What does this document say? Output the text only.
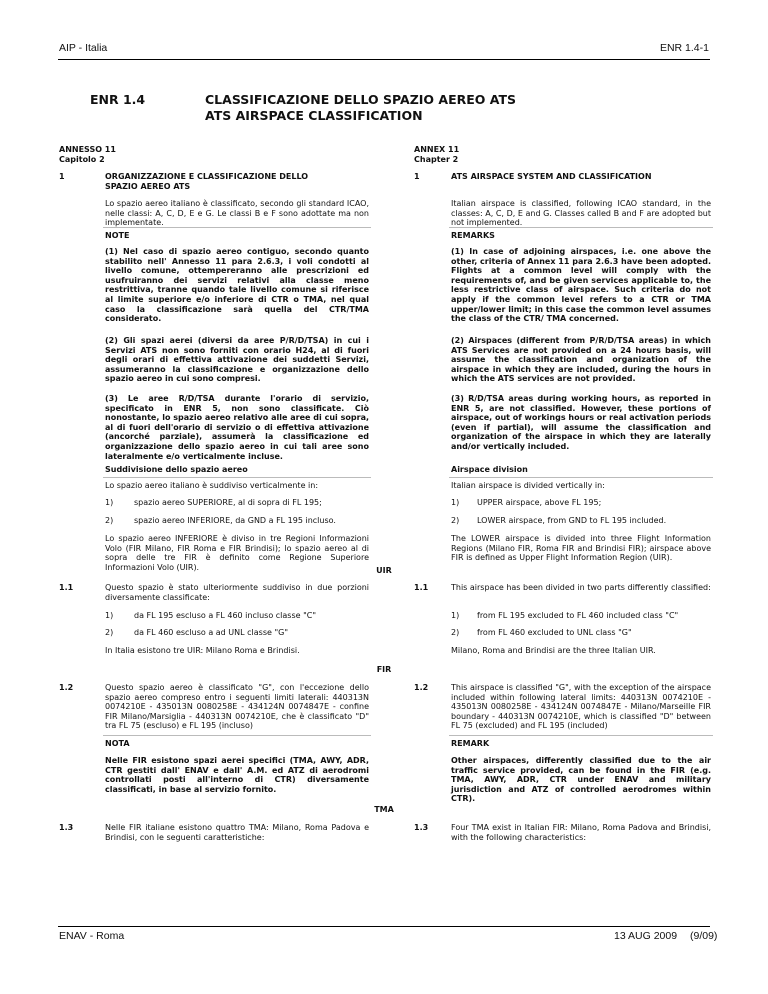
AIP - Italia	ENR 1.4-1
ENR 1.4	CLASSIFICAZIONE DELLO SPAZIO AEREO ATS
ATS AIRSPACE CLASSIFICATION
ANNESSO 11
Capitolo 2
ANNEX 11
Chapter 2
1	ORGANIZZAZIONE E CLASSIFICAZIONE DELLO
SPAZIO AEREO ATS
1	ATS AIRSPACE SYSTEM AND CLASSIFICATION
Lo spazio aereo italiano è classificato, secondo gli standard ICAO, nelle classi: A, C, D, E e G. Le classi B e F sono adottate ma non implementate.
Italian airspace is classified, following ICAO standard, in the classes: A, C, D, E and G. Classes called B and F are adopted but not implemented.
NOTE	REMARKS
(1) Nel caso di spazio aereo contiguo, secondo quanto stabilito nell' Annesso 11 para 2.6.3, i voli condotti al livello comune, ottempereranno alle prescrizioni ed usufruiranno dei servizi relativi alla classe meno restrittiva, tranne quando tale livello comune si riferisce al limite superiore e/o inferiore di CTR o TMA, nel qual caso la classificazione sarà quella del CTR/TMA considerato.
(1) In case of adjoining airspaces, i.e. one above the other, criteria of Annex 11 para 2.6.3 have been adopted. Flights at a common level will comply with the requirements of, and be given services applicable to, the less restrictive class of airspace. Such criteria do not apply if the common level refers to a CTR or TMA upper/lower limit; in this case the common level assumes the class of the CTR/ TMA concerned.
(2) Gli spazi aerei (diversi da aree P/R/D/TSA) in cui i Servizi ATS non sono forniti con orario H24, al di fuori degli orari di effettiva attivazione dei suddetti Servizi, assumeranno la classificazione e organizzazione dello spazio aereo in cui sono compresi.
(2) Airspaces (different from P/R/D/TSA areas) in which ATS Services are not provided on a 24 hours basis, will assume the classification and organization of the airspace in which they are included, during the hours in which the ATS services are not provided.
(3) Le aree R/D/TSA durante l'orario di servizio, specificato in ENR 5, non sono classificate. Ciò nonostante, lo spazio aereo relativo alle aree di cui sopra, al di fuori dell'orario di servizio o di effettiva attivazione (ancorché parziale), assumerà la classificazione ed organizzazione dello spazio aereo in cui tali aree sono lateralmente e/o verticalmente incluse.
(3) R/D/TSA areas during working hours, as reported in ENR 5, are not classified. However, these portions of airspace, out of workings hours or real activation periods (even if partial), will assume the classification and organization of the airspace in which they are laterally and/or vertically included.
Suddivisione dello spazio aereo	Airspace division
Lo spazio aereo italiano è suddiviso verticalmente in:	Italian airspace is divided vertically in:
1)	spazio aereo SUPERIORE, al di sopra di FL 195;	1) UPPER airspace, above FL 195;
2)	spazio aereo INFERIORE, da GND a FL 195 incluso.	2) LOWER airspace, from GND to FL 195 included.
Lo spazio aereo INFERIORE è diviso in tre Regioni Informazioni Volo (FIR Milano, FIR Roma e FIR Brindisi); lo spazio aereo al di sopra delle tre FIR è definito come Regione Superiore Informazioni Volo (UIR).
The LOWER airspace is divided into three Flight Information Regions (Milano FIR, Roma FIR and Brindisi FIR); airspace above FIR is defined as Upper Flight Information Region (UIR).
UIR
1.1	Questo spazio è stato ulteriormente suddiviso in due porzioni diversamente classificate:
1.1	This airspace has been divided in two parts differently classified:
1)	da FL 195 escluso a FL 460 incluso classe "C"	1) from FL 195 excluded to FL 460 included class "C"
2)	da FL 460 escluso a ad UNL classe "G"	2) from FL 460 excluded to UNL class "G"
In Italia esistono tre UIR: Milano Roma e Brindisi.	Milano, Roma and Brindisi are the three Italian UIR.
FIR
1.2	Questo spazio aereo è classificato "G", con l'eccezione dello spazio aereo compreso entro i seguenti limiti laterali: 440313N 0074210E - 435013N 0080258E - 434124N 0074847E - confine FIR Milano/Marsiglia - 440313N 0074210E, che è classificato "D" tra FL 75 (escluso) e FL 195 (incluso)
1.2	This airspace is classified "G", with the exception of the airspace included within following lateral limits: 440313N 0074210E - 435013N 0080258E - 434124N 0074847E - Milano/Marseille FIR boundary - 440313N 0074210E, which is classified "D" between FL 75 (excluded) and FL 195 (included)
NOTA	REMARK
Nelle FIR esistono spazi aerei specifici (TMA, AWY, ADR, CTR gestiti dall' ENAV e dall' A.M. ed ATZ di aerodromi controllati posti all'interno di CTR) diversamente classificati, in base al servizio fornito.
Other airspaces, differently classified due to the air traffic service provided, can be found in the FIR (e.g. TMA, AWY, ADR, CTR under ENAV and military jurisdiction and ATZ of controlled aerodromes within CTR).
TMA
1.3	Nelle FIR italiane esistono quattro TMA: Milano, Roma Padova e Brindisi, con le seguenti caratteristiche:
1.3	Four TMA exist in Italian FIR: Milano, Roma Padova and Brindisi, with the following characteristics:
ENAV - Roma	13 AUG 2009 (9/09)
